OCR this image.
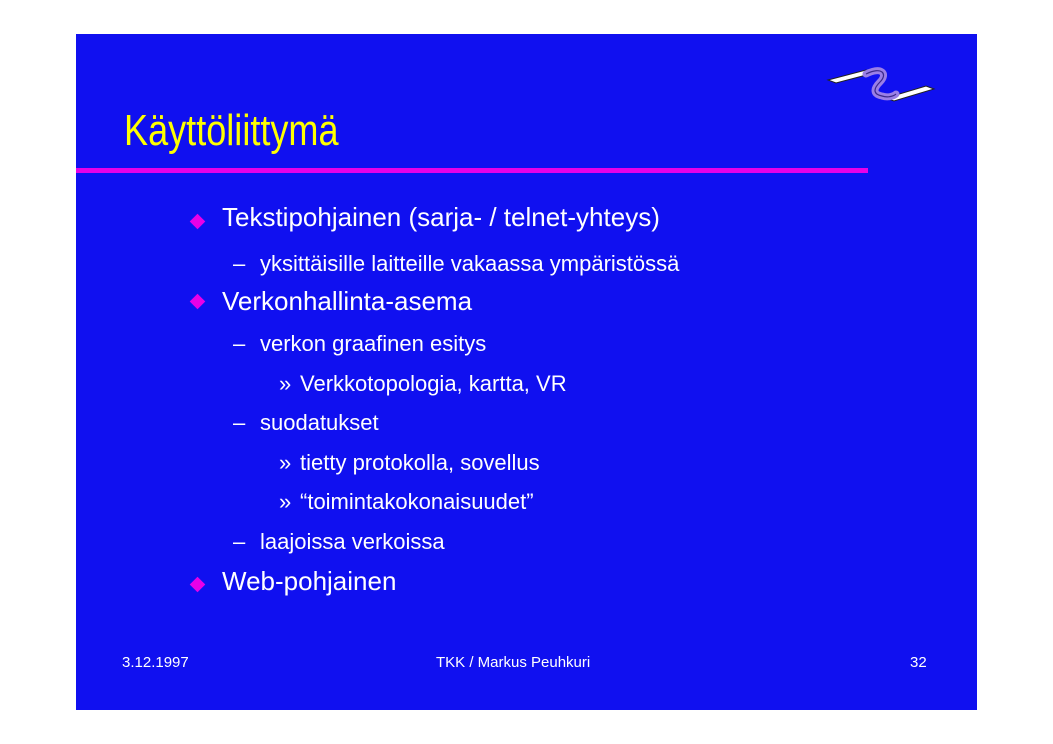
Käyttöliittymä
Tekstipohjainen (sarja- / telnet-yhteys)
– yksittäisille laitteille vakaassa ympäristössä
Verkonhallinta-asema
– verkon graafinen esitys
» Verkkotopologia, kartta, VR
– suodatukset
» tietty protokolla, sovellus
» “toimintakokonaisuudet”
– laajoissa verkoissa
Web-pohjainen
3.12.1997	TKK / Markus Peuhkuri	32
